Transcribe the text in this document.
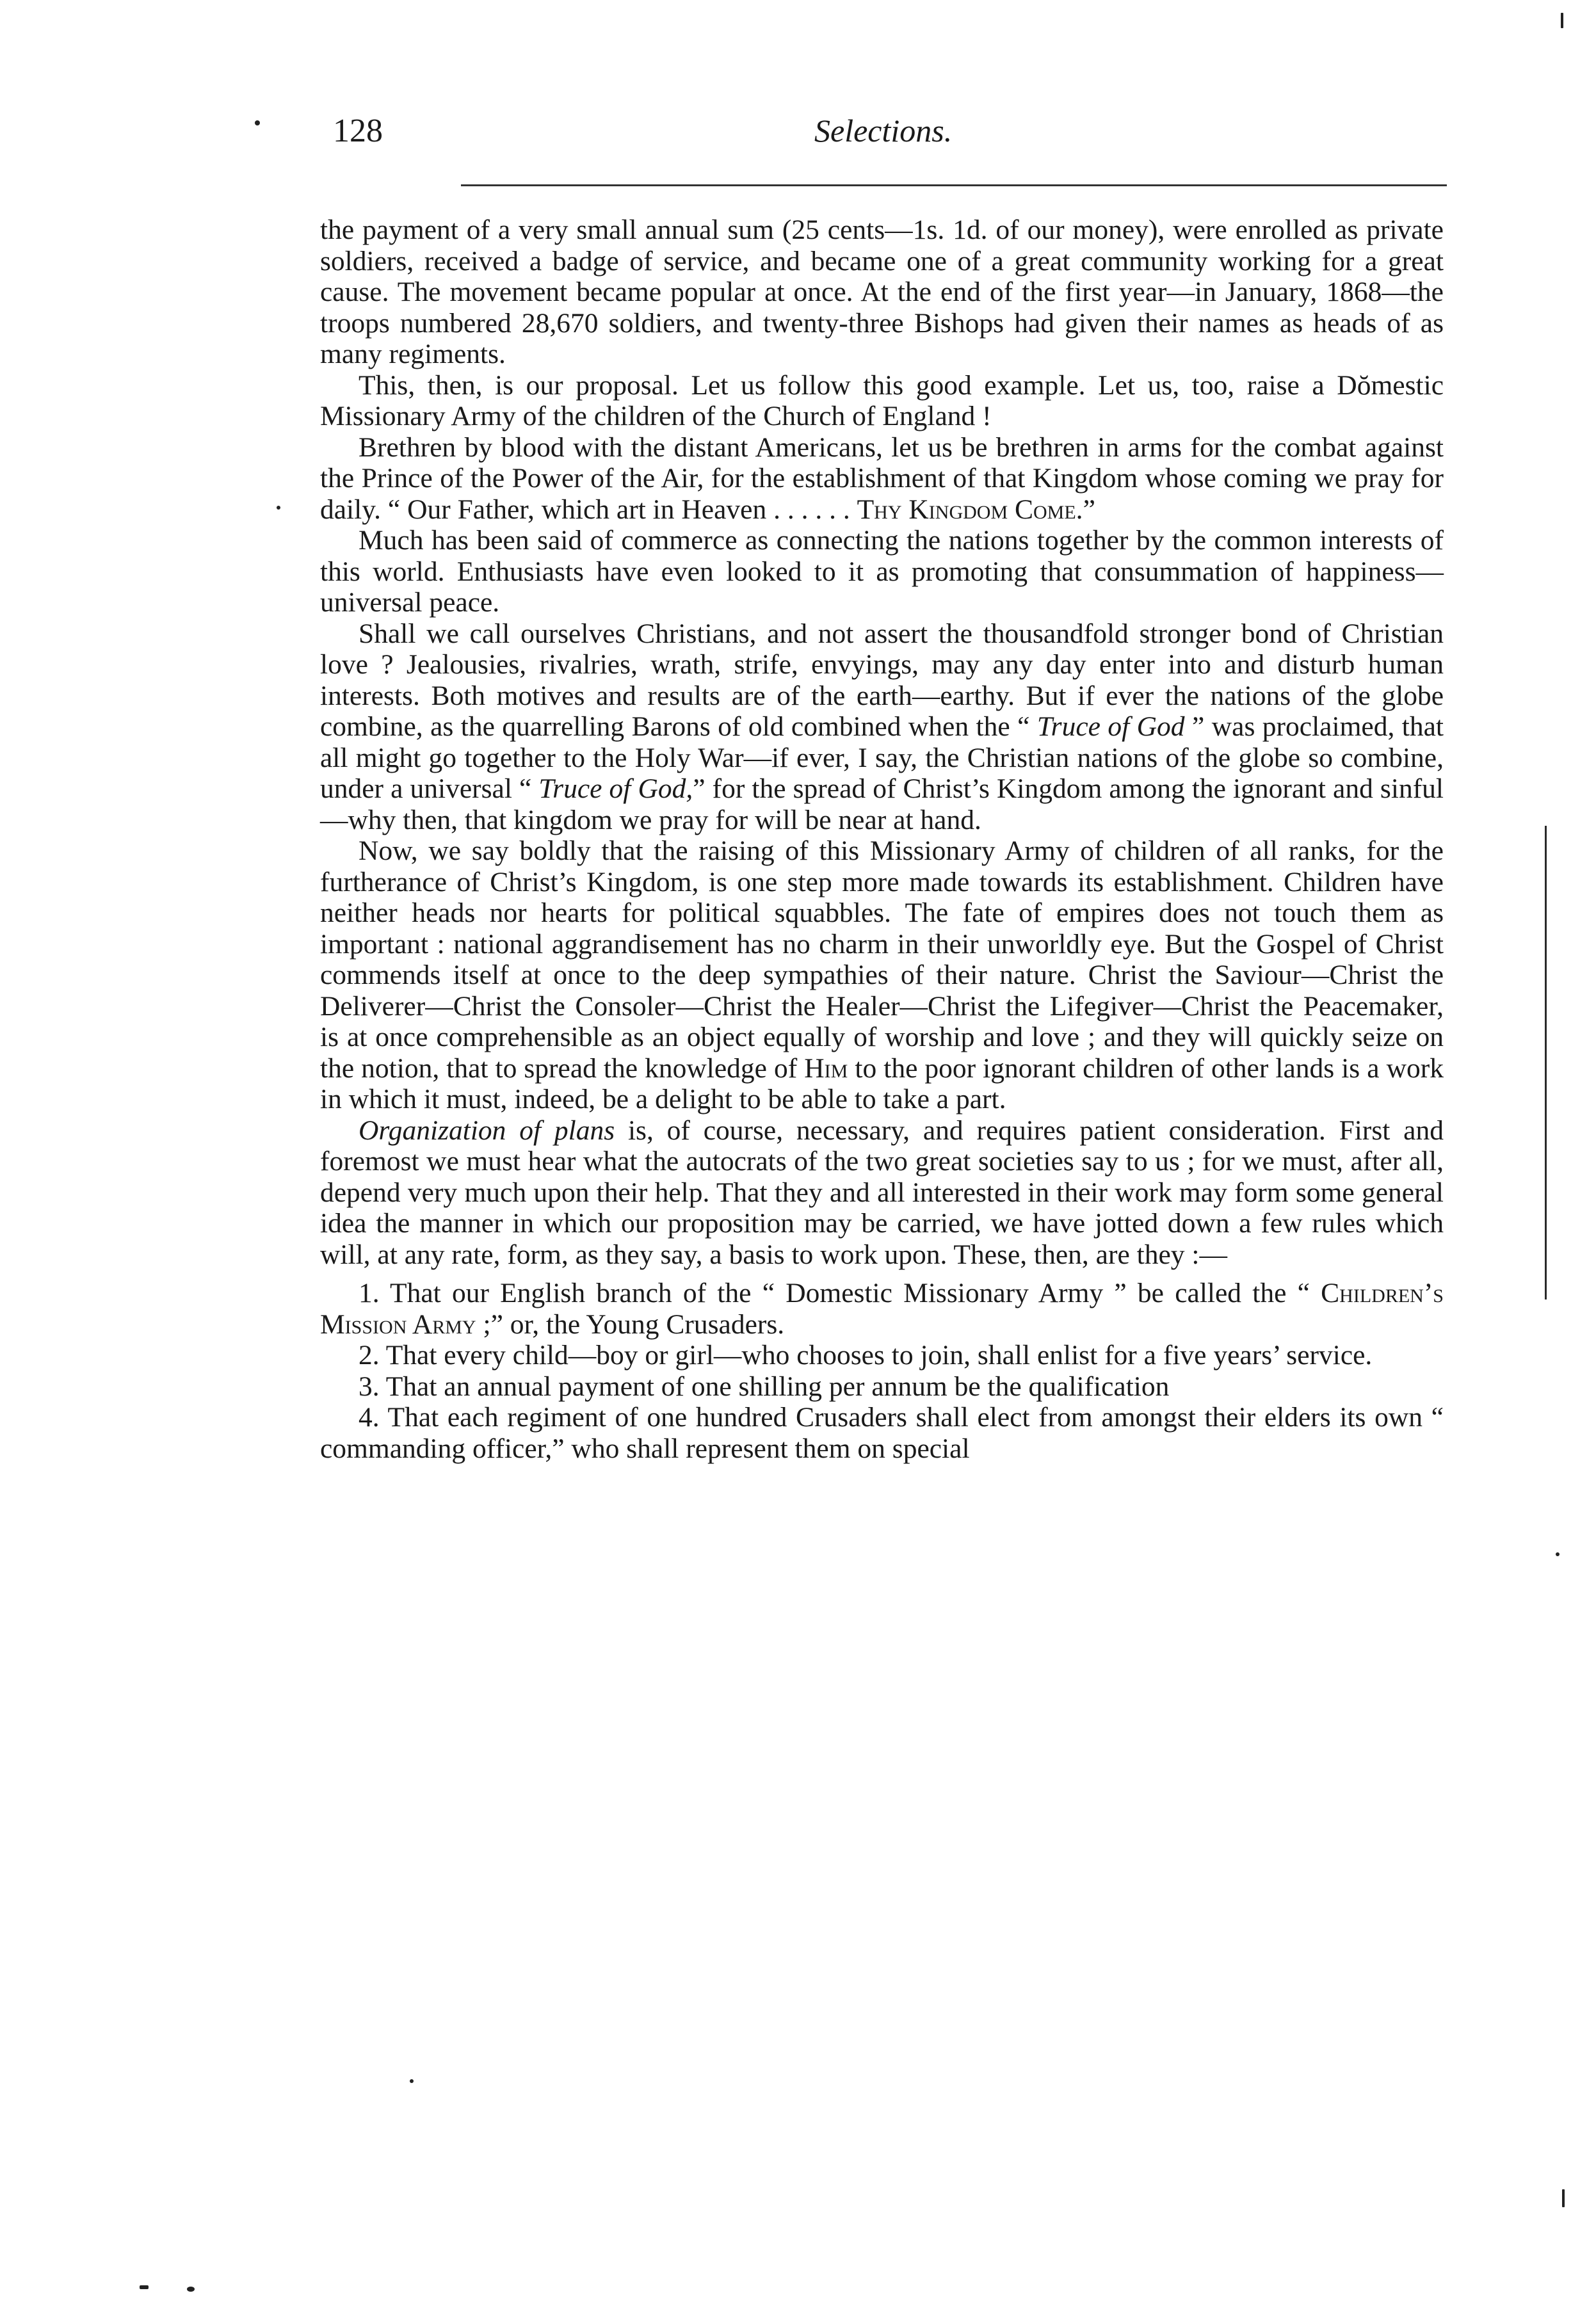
128	Selections.

the payment of a very small annual sum (25 cents—1s. 1d. of our money), were enrolled as private soldiers, received a badge of service, and became one of a great community working for a great cause. The movement became popular at once. At the end of the first year—in January, 1868—the troops numbered 28,670 soldiers, and twenty-three Bishops had given their names as heads of as many regiments.

This, then, is our proposal. Let us follow this good example. Let us, too, raise a Dŏmestic Missionary Army of the children of the Church of England !

Brethren by blood with the distant Americans, let us be brethren in arms for the combat against the Prince of the Power of the Air, for the establishment of that Kingdom whose coming we pray for daily. “ Our Father, which art in Heaven . . . . . . Thy Kingdom Come.”

Much has been said of commerce as connecting the nations together by the common interests of this world. Enthusiasts have even looked to it as promoting that consummation of happiness—universal peace.

Shall we call ourselves Christians, and not assert the thousandfold stronger bond of Christian love ? Jealousies, rivalries, wrath, strife, envyings, may any day enter into and disturb human interests. Both motives and results are of the earth—earthy. But if ever the nations of the globe combine, as the quarrelling Barons of old combined when the “ Truce of God ” was proclaimed, that all might go together to the Holy War—if ever, I say, the Christian nations of the globe so combine, under a universal “ Truce of God,” for the spread of Christ’s Kingdom among the ignorant and sinful—why then, that kingdom we pray for will be near at hand.

Now, we say boldly that the raising of this Missionary Army of children of all ranks, for the furtherance of Christ’s Kingdom, is one step more made towards its establishment. Children have neither heads nor hearts for political squabbles. The fate of empires does not touch them as important : national aggrandisement has no charm in their unworldly eye. But the Gospel of Christ commends itself at once to the deep sympathies of their nature. Christ the Saviour—Christ the Deliverer—Christ the Consoler—Christ the Healer—Christ the Lifegiver—Christ the Peacemaker, is at once comprehensible as an object equally of worship and love ; and they will quickly seize on the notion, that to spread the knowledge of Him to the poor ignorant children of other lands is a work in which it must, indeed, be a delight to be able to take a part.

Organization of plans is, of course, necessary, and requires patient consideration. First and foremost we must hear what the autocrats of the two great societies say to us ; for we must, after all, depend very much upon their help. That they and all interested in their work may form some general idea the manner in which our proposition may be carried, we have jotted down a few rules which will, at any rate, form, as they say, a basis to work upon. These, then, are they :—

1. That our English branch of the “ Domestic Missionary Army ” be called the “ Children’s Mission Army ;” or, the Young Crusaders.

2. That every child—boy or girl—who chooses to join, shall enlist for a five years’ service.

3. That an annual payment of one shilling per annum be the qualification

4. That each regiment of one hundred Crusaders shall elect from amongst their elders its own “ commanding officer,” who shall represent them on special
